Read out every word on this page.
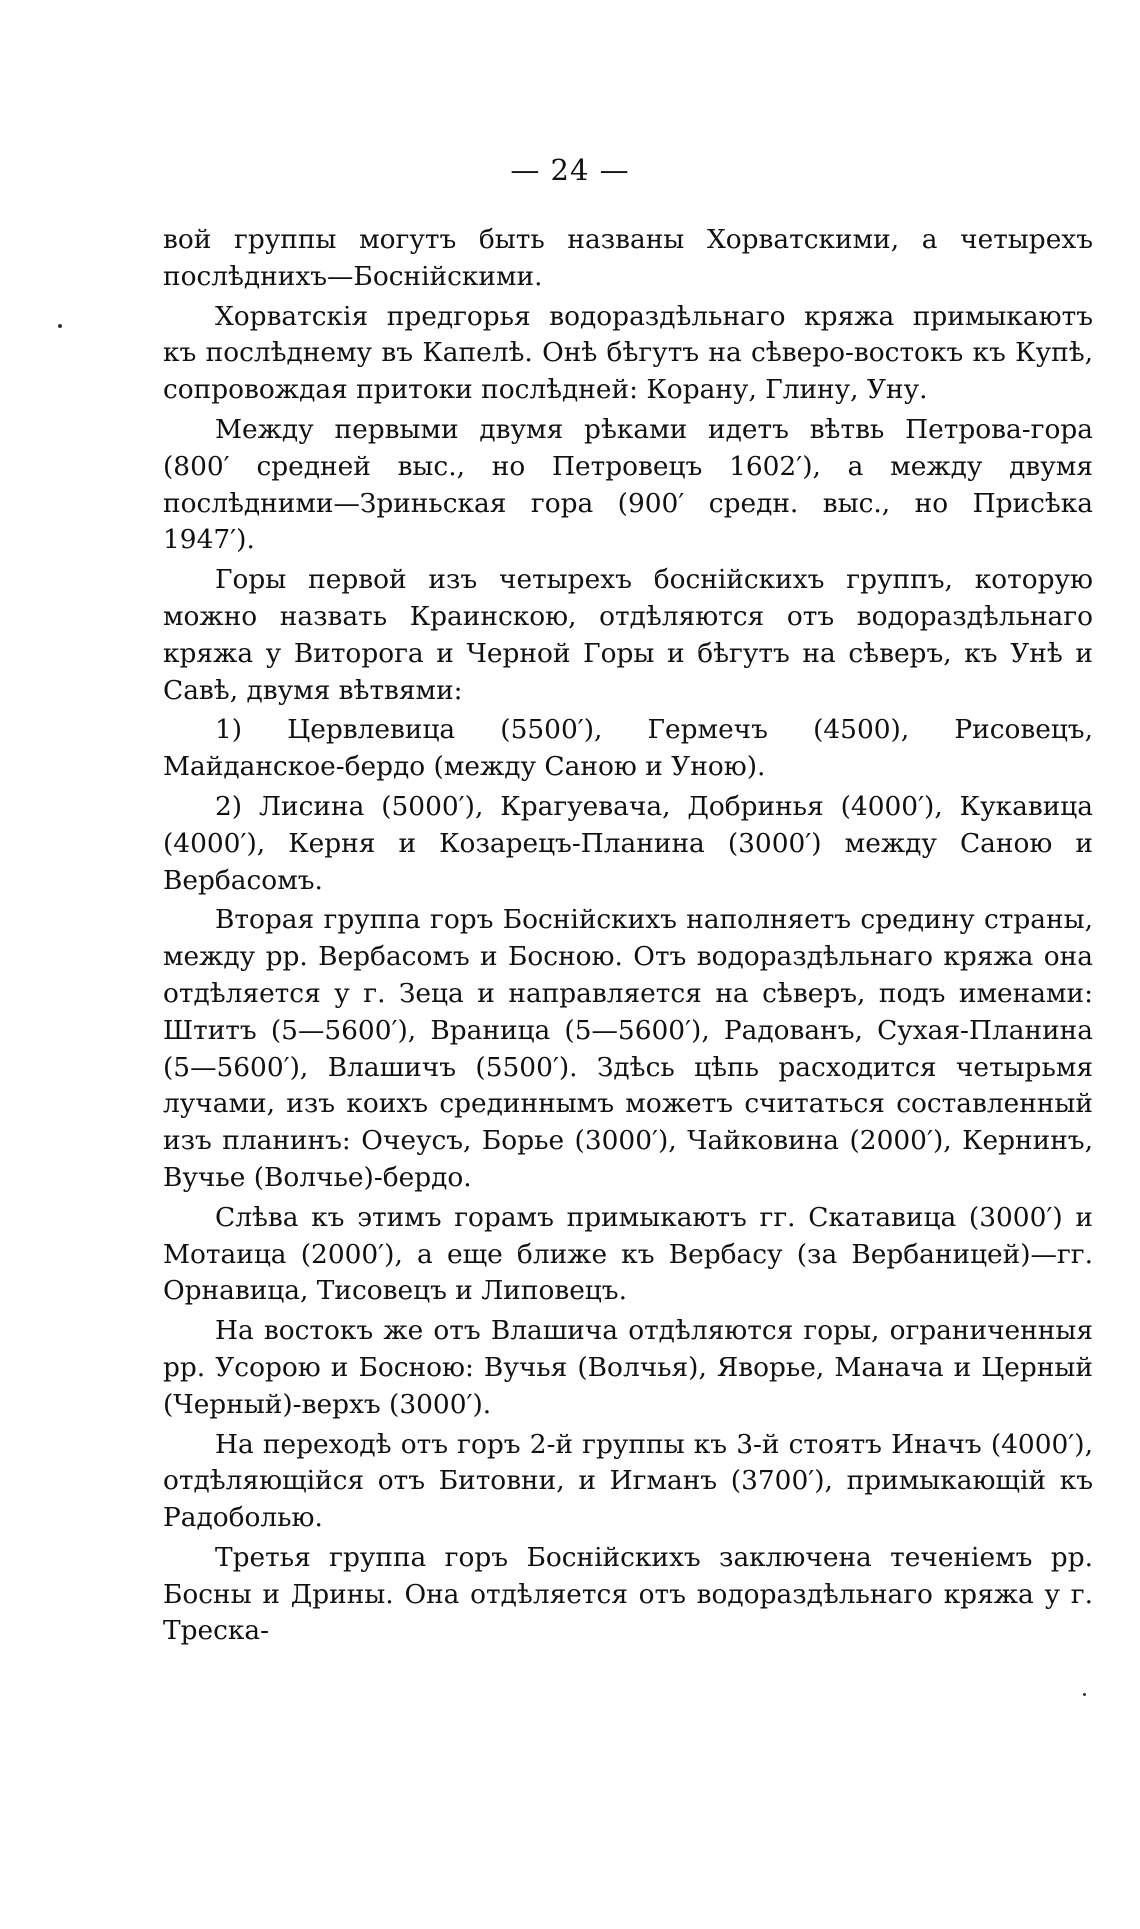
— 24 —

вой группы могутъ быть названы Хорватскими, а четырехъ послѣднихъ—Боснійскими.

Хорватскія предгорья водораздѣльнаго кряжа примыкаютъ къ послѣднему въ Капелѣ. Онѣ бѣгутъ на сѣверо-востокъ къ Купѣ, сопровождая притоки послѣдней: Корану, Глину, Уну.

Между первыми двумя рѣками идетъ вѣтвь Петрова-гора (800′ средней выс., но Петровецъ 1602′), а между двумя послѣдними—Зриньская гора (900′ средн. выс., но Присѣка 1947′).

Горы первой изъ четырехъ боснійскихъ группъ, которую можно назвать Краинскою, отдѣляются отъ водораздѣльнаго кряжа у Виторога и Черной Горы и бѣгутъ на сѣверъ, къ Унѣ и Савѣ, двумя вѣтвями:

1) Цервлевица (5500′), Гермечъ (4500), Рисовецъ, Майданское-бердо (между Саною и Уною).

2) Лисина (5000′), Крагуевача, Добринья (4000′), Кукавица (4000′), Керня и Козарецъ-Планина (3000′) между Саною и Вербасомъ.

Вторая группа горъ Боснійскихъ наполняетъ средину страны, между рр. Вербасомъ и Босною. Отъ водораздѣльнаго кряжа она отдѣляется у г. Зеца и направляется на сѣверъ, подъ именами: Штитъ (5—5600′), Враница (5—5600′), Радованъ, Сухая-Планина (5—5600′), Влашичъ (5500′). Здѣсь цѣпь расходится четырьмя лучами, изъ коихъ срединнымъ можетъ считаться составленный изъ планинъ: Очеусъ, Борье (3000′), Чайковина (2000′), Кернинъ, Вучье (Волчье)-бердо.

Слѣва къ этимъ горамъ примыкаютъ гг. Скатавица (3000′) и Мотаица (2000′), а еще ближе къ Вербасу (за Вербаницей)—гг. Орнавица, Тисовецъ и Липовецъ.

На востокъ же отъ Влашича отдѣляются горы, ограниченныя рр. Усорою и Босною: Вучья (Волчья), Яворье, Манача и Церный (Черный)-верхъ (3000′).

На переходѣ отъ горъ 2-й группы къ 3-й стоятъ Иначъ (4000′), отдѣляющійся отъ Битовни, и Игманъ (3700′), примыкающій къ Радоболью.

Третья группа горъ Боснійскихъ заключена теченіемъ рр. Босны и Дрины. Она отдѣляется отъ водораздѣльнаго кряжа у г. Треска-
